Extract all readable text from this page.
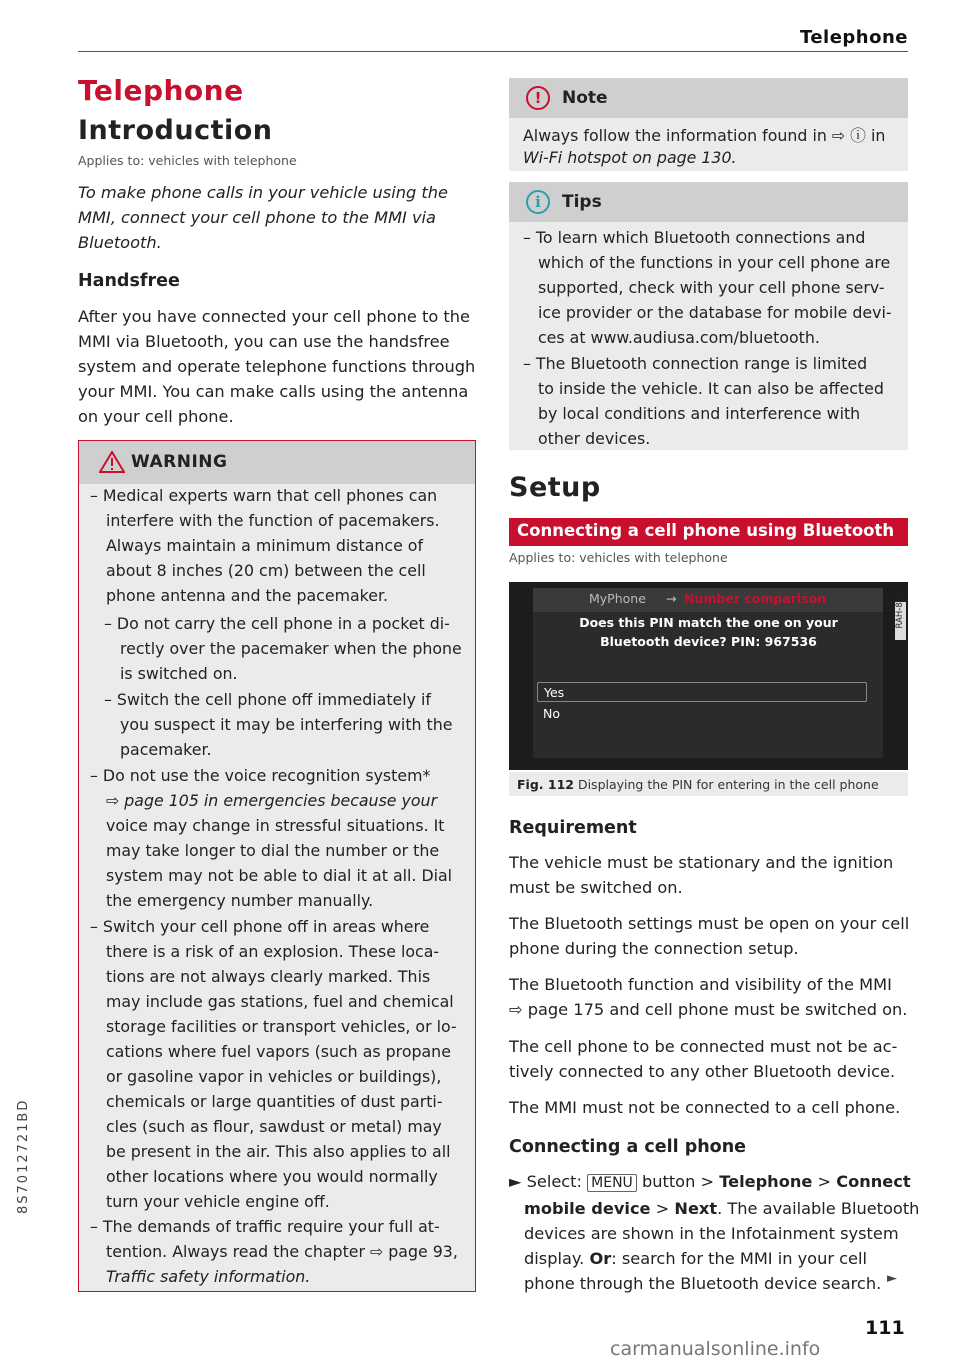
Telephone
Telephone
Introduction
Applies to: vehicles with telephone
To make phone calls in your vehicle using the
MMI, connect your cell phone to the MMI via
Bluetooth.
Handsfree
After you have connected your cell phone to the
MMI via Bluetooth, you can use the handsfree
system and operate telephone functions through
your MMI. You can make calls using the antenna
on your cell phone.
WARNING
– Medical experts warn that cell phones can
interfere with the function of pacemakers.
Always maintain a minimum distance of
about 8 inches (20 cm) between the cell
phone antenna and the pacemaker.
– Do not carry the cell phone in a pocket di-
rectly over the pacemaker when the phone
is switched on.
– Switch the cell phone off immediately if
you suspect it may be interfering with the
pacemaker.
– Do not use the voice recognition system*
⇨ page 105 in emergencies because your
voice may change in stressful situations. It
may take longer to dial the number or the
system may not be able to dial it at all. Dial
the emergency number manually.
– Switch your cell phone off in areas where
there is a risk of an explosion. These loca-
tions are not always clearly marked. This
may include gas stations, fuel and chemical
storage facilities or transport vehicles, or lo-
cations where fuel vapors (such as propane
or gasoline vapor in vehicles or buildings),
chemicals or large quantities of dust parti-
cles (such as flour, sawdust or metal) may
be present in the air. This also applies to all
other locations where you would normally
turn your vehicle engine off.
– The demands of traffic require your full at-
tention. Always read the chapter ⇨ page 93,
Traffic safety information.
!	Note
Always follow the information found in ⇨ ⓘ in
Wi-Fi hotspot on page 130.
i	Tips
– To learn which Bluetooth connections and
which of the functions in your cell phone are
supported, check with your cell phone serv-
ice provider or the database for mobile devi-
ces at www.audiusa.com/bluetooth.
– The Bluetooth connection range is limited
to inside the vehicle. It can also be affected
by local conditions and interference with
other devices.
Setup
Connecting a cell phone using Bluetooth
Applies to: vehicles with telephone
MyPhone → Number comparison
Does this PIN match the one on your
Bluetooth device? PIN: 967536
Yes
No
RAH-8603
Fig. 112 Displaying the PIN for entering in the cell phone
Requirement
The vehicle must be stationary and the ignition
must be switched on.
The Bluetooth settings must be open on your cell
phone during the connection setup.
The Bluetooth function and visibility of the MMI
⇨ page 175 and cell phone must be switched on.
The cell phone to be connected must not be ac-
tively connected to any other Bluetooth device.
The MMI must not be connected to a cell phone.
Connecting a cell phone
► Select: MENU button > Telephone > Connect
mobile device > Next. The available Bluetooth
devices are shown in the Infotainment system
display. Or: search for the MMI in your cell
phone through the Bluetooth device search. ►
111
8S7012721BD
carmanualsonline.info
